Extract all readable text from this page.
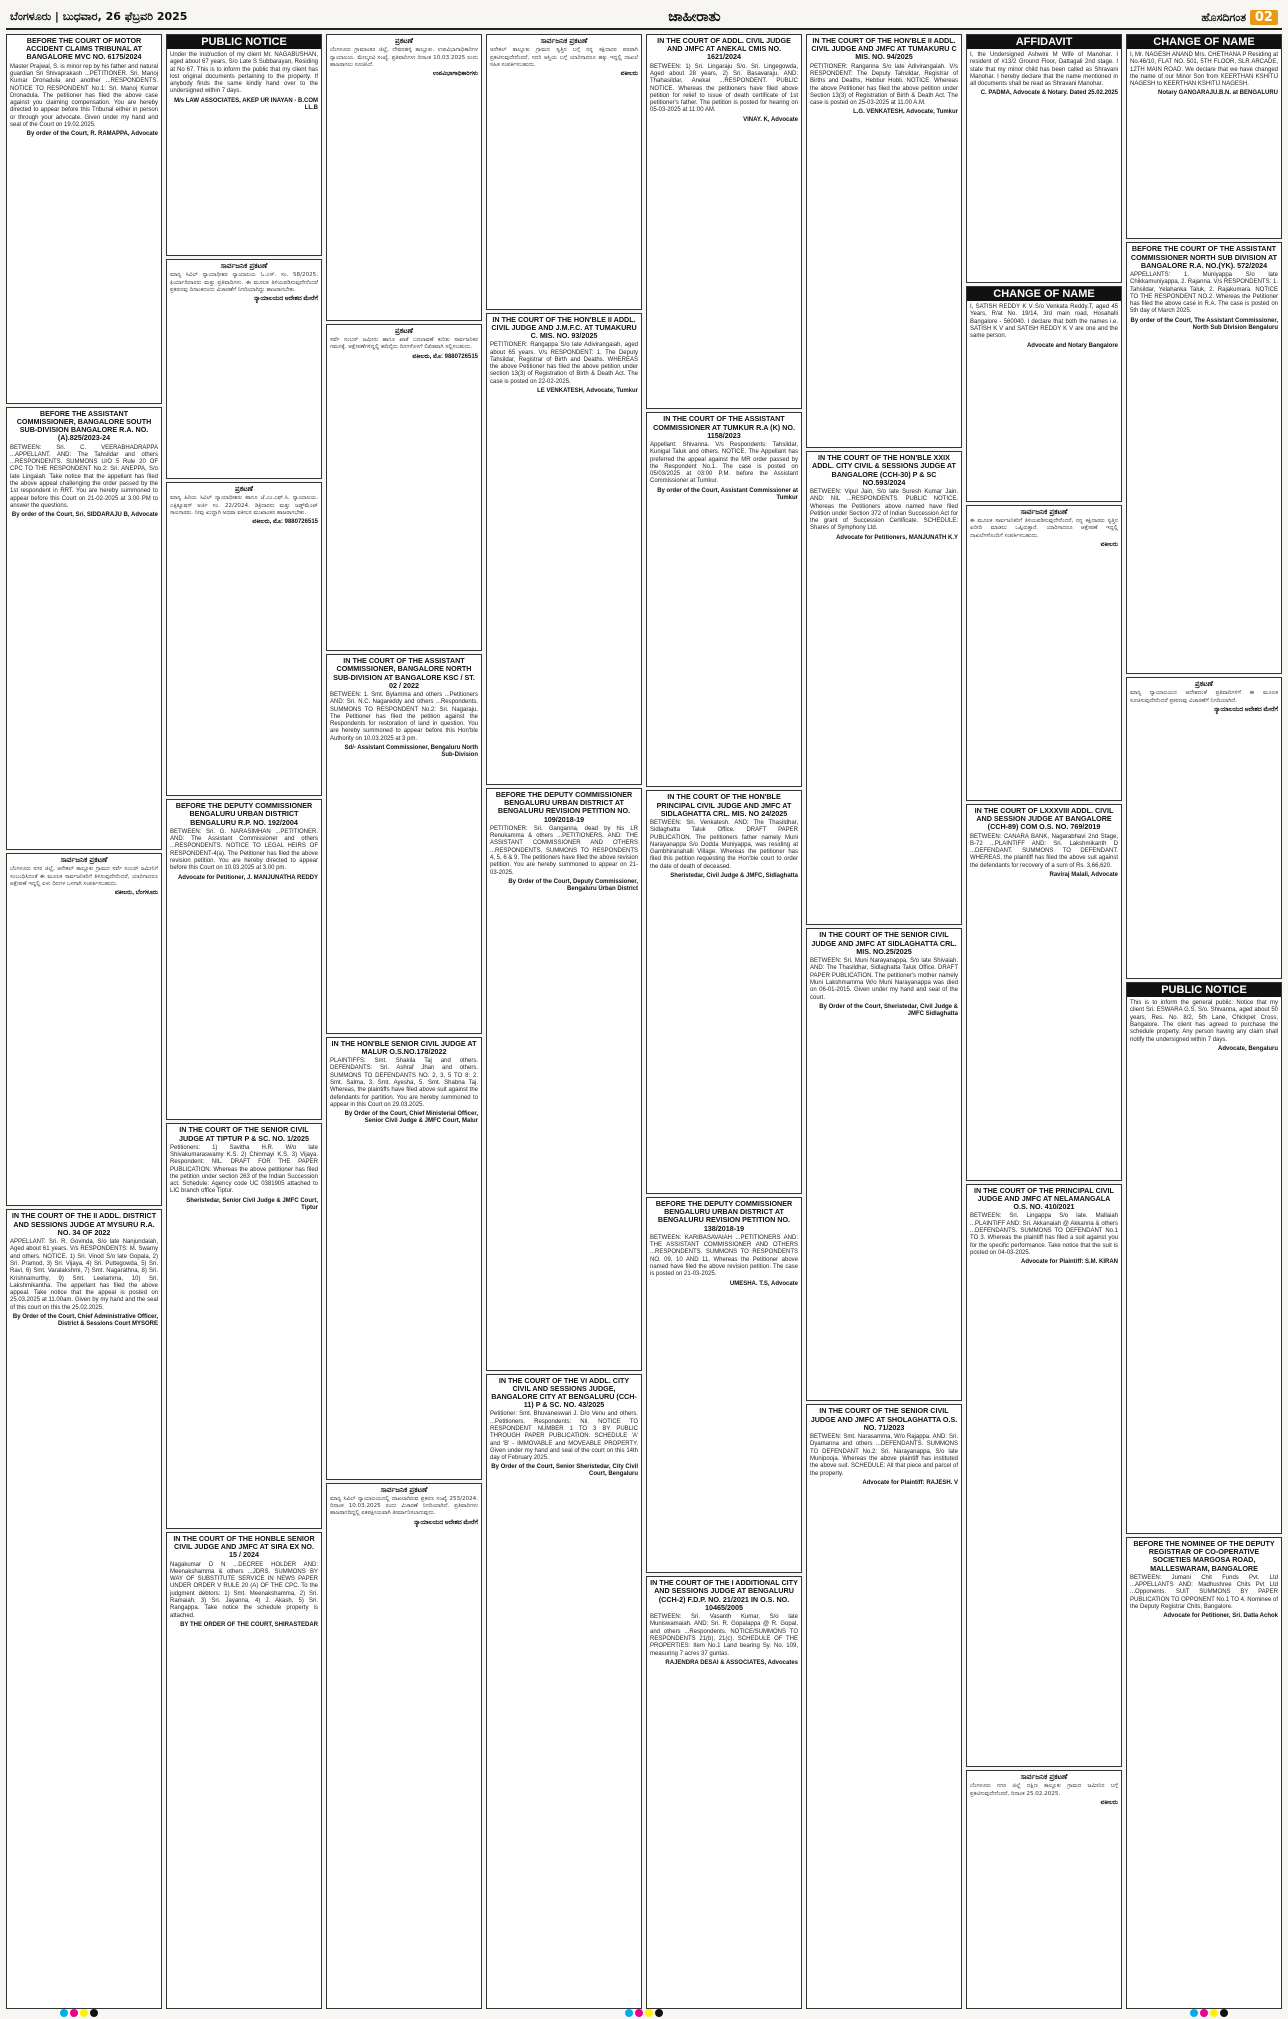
ಬೆಂಗಳೂರು | ಬುಧವಾರ, 26 ಫೆಬ್ರವರಿ 2025	ಜಾಹೀರಾತು	ಹೊಸದಿಗಂತ 02
BEFORE THE COURT OF MOTOR ACCIDENT CLAIMS TRIBUNAL AT BANGALORE MVC NO. 6175/2024
Master Prajwal, S. is minor rep by his father and natural guardian Sri Shivaprakash ...PETITIONER. Sri. Manoj Kumar Dronadula and another ...RESPONDENTS. NOTICE TO RESPONDENT No.1: Sri. Manoj Kumar Dronadula. The petitioner has filed the above case against you claiming compensation. You are hereby directed to appear before this Tribunal either in person or through your advocate. Given under my hand and seal of the Court on 19.02.2025.
By order of the Court, R. RAMAPPA, Advocate
BEFORE THE ASSISTANT COMMISSIONER, BANGALORE SOUTH SUB-DIVISION BANGALORE R.A. NO.(A).825/2023-24
BETWEEN: Sri. C. VEERABHADRAPPA ...APPELLANT. AND: The Tahsildar and others ...RESPONDENTS. SUMMONS U/O 5 Rule 20 OF CPC TO THE RESPONDENT No.2: Sri. ANEPPA, S/o late Lingaiah. Take notice that the appellant has filed the above appeal challenging the order passed by the 1st respondent in RRT. You are hereby summoned to appear before this Court on 21-02-2025 at 3.00 PM to answer the questions.
By order of the Court, Sri. SIDDARAJU B, Advocate
ಸಾರ್ವಜನಿಕ ಪ್ರಕಟಣೆ
ಬೆಂಗಳೂರು ನಗರ ಜಿಲ್ಲೆ, ಆನೇಕಲ್ ತಾಲ್ಲೂಕು ಗ್ರಾಮದ ಸರ್ವೆ ನಂಬರ್ ಜಮೀನಿಗೆ ಸಂಬಂಧಿಸಿದಂತೆ ಈ ಮೂಲಕ ಸಾರ್ವಜನಿಕರಿಗೆ ತಿಳಿಸುವುದೇನೆಂದರೆ, ಯಾರಿಗಾದರೂ ಆಕ್ಷೇಪಣೆ ಇದ್ದಲ್ಲಿ ಏಳು ದಿನಗಳ ಒಳಗಾಗಿ ಸಂಪರ್ಕಿಸಬಹುದು.
ವಕೀಲರು, ಬೆಂಗಳೂರು
IN THE COURT OF THE II ADDL. DISTRICT AND SESSIONS JUDGE AT MYSURU R.A. NO. 34 OF 2022
APPELLANT: Sri. R. Govinda, S/o late Nanjundaiah, Aged about 61 years. V/s RESPONDENTS: M. Swamy and others. NOTICE. 1) Sri. Vinod S/o late Gopala, 2) Sri. Pramod, 3) Sri. Vijaya, 4) Sri. Puttegowda, 5) Sri. Ravi, 6) Smt. Varalakshmi, 7) Smt. Nagarathna, 8) Sri. Krishnamurthy, 9) Smt. Leelamma, 10) Sri. Lakshmikantha. The appellant has filed the above appeal. Take notice that the appeal is posted on 25.03.2025 at 11.00am. Given by my hand and the seal of this court on this the 25.02.2025.
By Order of the Court, Chief Administrative Officer, District & Sessions Court MYSORE
PUBLIC NOTICE
Under the instruction of my client Mr. NAGABUSHAN, aged about 67 years, S/o Late S Subbarayan, Residing at No 67. This is to inform the public that my client has lost original documents pertaining to the property. If anybody finds the same kindly hand over to the undersigned within 7 days.
M/s LAW ASSOCIATES, AKEP UR INAYAN - B.COM LL.B
ಸಾರ್ವಜನಿಕ ಪ್ರಕಟಣೆ
ಮಾನ್ಯ ಸಿವಿಲ್ ನ್ಯಾಯಾಧೀಶರ ನ್ಯಾಯಾಲಯ ಓ.ಎಸ್. ಸಂ. 58/2025. ಫಿರ್ಯಾದಿದಾರರು ಮತ್ತು ಪ್ರತಿವಾದಿಗಳು. ಈ ಮೂಲಕ ತಿಳಿಯಪಡಿಸುವುದೇನೆಂದರೆ ಪ್ರಕರಣವು ದಿನಾಂಕದಂದು ವಿಚಾರಣೆಗೆ ನಿಗದಿಯಾಗಿದ್ದು ಹಾಜರಾಗಬೇಕು.
ನ್ಯಾಯಾಲಯದ ಆದೇಶದ ಮೇರೆಗೆ
ಪ್ರಕಟಣೆ
ಮಾನ್ಯ ಹಿರಿಯ ಸಿವಿಲ್ ನ್ಯಾಯಾಧೀಶರು ಹಾಗೂ ಜೆ.ಎಂ.ಎಫ್.ಸಿ. ನ್ಯಾಯಾಲಯ. ಎಕ್ಸಿಕ್ಯೂಷನ್ ಅರ್ಜಿ ಸಂ. 22/2024. ಡಿಕ್ರಿದಾರರು ಮತ್ತು ಜಡ್ಜ್‌ಮೆಂಟ್ ಸಾಲಗಾರರು. ನೀವು ಖುದ್ದಾಗಿ ಅಥವಾ ವಕೀಲರ ಮುಖಾಂತರ ಹಾಜರಾಗಬೇಕು.
ವಕೀಲರು, ಮೊ: 9880726515
BEFORE THE DEPUTY COMMISSIONER BENGALURU URBAN DISTRICT BENGALURU R.P. NO. 192/2004
BETWEEN: Sri. G. NARASIMHAN ...PETITIONER. AND: The Assistant Commissioner and others ...RESPONDENTS. NOTICE TO LEGAL HEIRS OF RESPONDENT-4(a). The Petitioner has filed the above revision petition. You are hereby directed to appear before this Court on 10.03.2025 at 3.00 pm.
Advocate for Petitioner, J. MANJUNATHA REDDY
IN THE COURT OF THE SENIOR CIVIL JUDGE AT TIPTUR P & SC. NO. 1/2025
Petitioners: 1) Savitha H.R. W/o late Shivakumaraswamy K.S. 2) Chinmayi K.S. 3) Vijaya. Respondent: NIL. DRAFT FOR THE PAPER PUBLICATION. Whereas the above petitioner has filed the petition under section 263 of the Indian Succession act. Schedule: Agency code UC 0381905 attached to LIC branch office Tiptur.
Sheristedar, Senior Civil Judge & JMFC Court, Tiptur
IN THE COURT OF THE HONBLE SENIOR CIVIL JUDGE AND JMFC AT SIRA EX NO. 15 / 2024
Nagakumar D N ...DECREE HOLDER AND: Meenakshamma & others ...JDRS. SUMMONS BY WAY OF SUBSTITUTE SERVICE IN NEWS PAPER UNDER ORDER V RULE 20 (A) OF THE CPC. To the judgment debtors: 1) Smt. Meenakshamma, 2) Sri. Ramaiah, 3) Sri. Jayanna, 4) J. Akash, 5) Sri. Rangappa. Take notice the schedule property is attached.
BY THE ORDER OF THE COURT, SHIRASTEDAR
ಪ್ರಕಟಣೆ
ಬೆಂಗಳೂರು ಗ್ರಾಮಾಂತರ ಜಿಲ್ಲೆ, ದೇವನಹಳ್ಳಿ ತಾಲ್ಲೂಕು. ಉಪವಿಭಾಗಾಧಿಕಾರಿಗಳ ನ್ಯಾಯಾಲಯ. ಮೇಲ್ಮನವಿ ಸಂಖ್ಯೆ. ಪ್ರತಿವಾದಿಗಳು ದಿನಾಂಕ 10.03.2025 ರಂದು ಹಾಜರಾಗಲು ಸೂಚಿಸಿದೆ.
ಉಪವಿಭಾಗಾಧಿಕಾರಿಗಳು
ಪ್ರಕಟಣೆ
ಸರ್ವೆ ನಂಬರ್ ಜಮೀನು ಹಾಗೂ ಖಾತೆ ಬದಲಾವಣೆ ಕುರಿತು ಸಾರ್ವಜನಿಕರ ಗಮನಕ್ಕೆ. ಆಕ್ಷೇಪಣೆಗಳಿದ್ದಲ್ಲಿ ಹದಿನೈದು ದಿನಗಳೊಳಗೆ ಲಿಖಿತವಾಗಿ ಸಲ್ಲಿಸಬಹುದು.
ವಕೀಲರು, ಮೊ: 9880726515
IN THE COURT OF THE ASSISTANT COMMISSIONER, BANGALORE NORTH SUB-DIVISION AT BANGALORE KSC / ST. 02 / 2022
BETWEEN: 1. Smt. Bylamma and others ...Petitioners AND: Sri. N.C. Nagareddy and others ...Respondents. SUMMONS TO RESPONDENT No.2: Sri. Nagaraju. The Petitioner has filed the petition against the Respondents for restoration of land in question. You are hereby summoned to appear before this Hon'ble Authority on 10.03.2025 at 3 pm.
Sd/- Assistant Commissioner, Bengaluru North Sub-Division
IN THE HON'BLE SENIOR CIVIL JUDGE AT MALUR O.S.NO.178/2022
PLAINTIFFS: Smt. Shakila Taj and others. DEFENDANTS: Sri. Ashraf Jhan and others. SUMMONS TO DEFENDANTS NO. 2, 3, 5 TO 8: 2. Smt. Salma, 3. Smt. Ayesha, 5. Smt. Shabna Taj. Whereas, the plaintiffs have filed above suit against the defendants for partition. You are hereby summoned to appear in this Court on 29.03.2025.
By Order of the Court, Chief Ministerial Officer, Senior Civil Judge & JMFC Court, Malur
ಸಾರ್ವಜನಿಕ ಪ್ರಕಟಣೆ
ಮಾನ್ಯ ಸಿವಿಲ್ ನ್ಯಾಯಾಲಯದಲ್ಲಿ ದಾಖಲಾಗಿರುವ ಪ್ರಕರಣ ಸಂಖ್ಯೆ 253/2024. ದಿನಾಂಕ 10.03.2025 ರಂದು ವಿಚಾರಣೆ ನಿಗದಿಯಾಗಿದೆ. ಪ್ರತಿವಾದಿಗಳು ಹಾಜರಾಗದಿದ್ದಲ್ಲಿ ಏಕಪಕ್ಷೀಯವಾಗಿ ತೀರ್ಮಾನಿಸಲಾಗುವುದು.
ನ್ಯಾಯಾಲಯದ ಆದೇಶದ ಮೇರೆಗೆ
ಸಾರ್ವಜನಿಕ ಪ್ರಕಟಣೆ
ಅನೇಕಲ್ ತಾಲ್ಲೂಕು ಗ್ರಾಮದ ಸ್ವತ್ತಿನ ಬಗ್ಗೆ ನನ್ನ ಕಕ್ಷಿದಾರರ ಪರವಾಗಿ ಪ್ರಕಟಿಸುವುದೇನೆಂದರೆ, ಸದರಿ ಆಸ್ತಿಯ ಬಗ್ಗೆ ಯಾರಿಗಾದರೂ ಹಕ್ಕು ಇದ್ದಲ್ಲಿ ದಾಖಲೆ ಸಹಿತ ಸಂಪರ್ಕಿಸಬಹುದು.
ವಕೀಲರು
IN THE COURT OF THE HON'BLE II ADDL. CIVIL JUDGE AND J.M.F.C. AT TUMAKURU C. MIS. NO. 93/2025
PETITIONER: Rangappa S/o late Adivirangaiah, aged about 65 years. V/s RESPONDENT: 1. The Deputy Tahsildar, Registrar of Birth and Deaths. WHEREAS the above Petitioner has filed the above petition under section 13(3) of Registration of Birth & Death Act. The case is posted on 22-02-2025.
LE VENKATESH, Advocate, Tumkur
BEFORE THE DEPUTY COMMISSIONER BENGALURU URBAN DISTRICT AT BENGALURU REVISION PETITION NO. 109/2018-19
PETITIONER: Sri. Ganganna, dead by his LR Renukamma & others ...PETITIONERS. AND: THE ASSISTANT COMMISSIONER AND OTHERS ...RESPONDENTS. SUMMONS TO RESPONDENTS 4, 5, 6 & 9. The petitioners have filed the above revision petition. You are hereby summoned to appear on 21-03-2025.
By Order of the Court, Deputy Commissioner, Bengaluru Urban District
IN THE COURT OF THE VI ADDL. CITY CIVIL AND SESSIONS JUDGE, BANGALORE CITY AT BENGALURU (CCH-11) P & SC. NO. 43/2025
Petitioner: Smt. Bhuvaneswari J. D/o Venu and others. ...Petitioners. Respondents: Nil. NOTICE TO RESPONDENT NUMBER 1 TO 3 BY PUBLIC THROUGH PAPER PUBLICATION. SCHEDULE 'A' and 'B' - IMMOVABLE and MOVEABLE PROPERTY. Given under my hand and seal of the court on this 14th day of February 2025.
By Order of the Court, Senior Sheristedar, City Civil Court, Bengaluru
IN THE COURT OF ADDL. CIVIL JUDGE AND JMFC AT ANEKAL CMIS NO. 1621/2024
BETWEEN: 1) Sri. Lingaraju S/o. Sri. Lingegowda, Aged about 28 years, 2) Sri. Basavaraju. AND: Thahasildar, Anekal ...RESPONDENT. PUBLIC NOTICE. Whereas the petitioners have filed above petition for relief to issue of death certificate of 1st petitioner's father. The petition is posted for hearing on 05-03-2025 at 11:00 AM.
VINAY. K, Advocate
IN THE COURT OF THE ASSISTANT COMMISSIONER AT TUMKUR R.A (K) NO. 1158/2023
Appellant: Shivanna. V/s Respondents: Tahsildar, Kunigal Taluk and others. NOTICE. The Appellant has preferred the appeal against the MR order passed by the Respondent No.1. The case is posted on 05/03/2025 at 03:00 P.M. before the Assistant Commissioner at Tumkur.
By order of the Court, Assistant Commissioner at Tumkur
IN THE COURT OF THE HON'BLE PRINCIPAL CIVIL JUDGE AND JMFC AT SIDLAGHATTA CRL. MIS. NO 24/2025
BETWEEN: Sri. Venkatesh. AND: The Thasildhar, Sidlaghatta Taluk Office. DRAFT PAPER PUBLICATION. The petitioners father namely Muni Narayanappa S/o Dodda Muniyappa, was residing at Gambhiranahalli Village. Whereas the petitioner has filed this petition requesting the Hon'ble court to order the date of death of deceased.
Sheristedar, Civil Judge & JMFC, Sidlaghatta
BEFORE THE DEPUTY COMMISSIONER BENGALURU URBAN DISTRICT AT BENGALURU REVISION PETITION NO. 138/2018-19
BETWEEN: KARIBASAVAIAH ...PETITIONERS AND: THE ASSISTANT COMMISSIONER AND OTHERS ...RESPONDENTS. SUMMONS TO RESPONDENTS NO. 09, 10 AND 11. Whereas the Petitioner above named have filed the above revision petition. The case is posted on 21-03-2025.
UMESHA. T.S, Advocate
IN THE COURT OF THE I ADDITIONAL CITY AND SESSIONS JUDGE AT BENGALURU (CCH-2) F.D.P. NO. 21/2021 IN O.S. NO. 10465/2005
BETWEEN: Sri. Vasanth Kumar, S/o late Muniswamaiah. AND: Sri. R. Gopalappa @ R. Gopal, and others ...Respondents. NOTICE/SUMMONS TO RESPONDENTS 21(b), 21(c). SCHEDULE OF THE PROPERTIES: Item No.1 Land bearing Sy. No. 109, measuring 7 acres 37 guntas.
RAJENDRA DESAI & ASSOCIATES, Advocates
IN THE COURT OF THE HON'BLE II ADDL. CIVIL JUDGE AND JMFC AT TUMAKURU C MIS. NO. 94/2025
PETITIONER: Ranganna S/o late Adivirangaiah. V/s RESPONDENT: The Deputy Tahsildar, Registrar of Births and Deaths, Hebbur Hobli. NOTICE. Whereas the above Petitioner has filed the above petition under Section 13(3) of Registration of Birth & Death Act. The case is posted on 25-03-2025 at 11.00 A.M.
L.G. VENKATESH, Advocate, Tumkur
IN THE COURT OF THE HON'BLE XXIX ADDL. CITY CIVIL & SESSIONS JUDGE AT BANGALORE (CCH-30) P & SC NO.593/2024
BETWEEN: Vipul Jain, S/o late Suresh Kumar Jain. AND: NIL ...RESPONDENTS. PUBLIC NOTICE. Whereas the Petitioners above named have filed Petition under Section 372 of Indian Succession Act for the grant of Succession Certificate. SCHEDULE: Shares of Symphony Ltd.
Advocate for Petitioners, MANJUNATH K.Y
IN THE COURT OF THE SENIOR CIVIL JUDGE AND JMFC AT SIDLAGHATTA CRL. MIS. NO.25/2025
BETWEEN: Sri. Muni Narayanappa, S/o late Shivaiah. AND: The Thasildhar, Sidlaghatta Taluk Office. DRAFT PAPER PUBLICATION. The petitioner's mother namely Muni Lakshmamma W/o Muni Narayanappa was died on 06-01-2015. Given under my hand and seal of the court.
By Order of the Court, Sheristedar, Civil Judge & JMFC Sidlaghatta
IN THE COURT OF THE SENIOR CIVIL JUDGE AND JMFC AT SHOLAGHATTA O.S. NO. 71/2023
BETWEEN: Smt. Narasamma, W/o Rajappa. AND: Sri. Dyamanna and others ...DEFENDANTS. SUMMONS TO DEFENDANT No.2: Sri. Narayanappa, S/o late Munipooja. Whereas the above plaintiff has instituted the above suit. SCHEDULE: All that piece and parcel of the property.
Advocate for Plaintiff: RAJESH. V
AFFIDAVIT
I, the Undersigned Ashwini M Wife of Manohar. I resident of #13/2 Ground Floor, Dattagali 2nd stage. I state that my minor child has been called as Shravani Manohar. I hereby declare that the name mentioned in all documents shall be read as Shravani Manohar.
C. PADMA, Advocate & Notary. Dated 25.02.2025
CHANGE OF NAME
I, SATISH REDDY K V S/o Venkata Reddy.T, aged 45 Years, R/at No. 19/14, 3rd main road, Hosahalli Bangalore - 560040. I declare that both the names i.e. SATISH K V and SATISH REDDY K V are one and the same person.
Advocate and Notary Bangalore
ಸಾರ್ವಜನಿಕ ಪ್ರಕಟಣೆ
ಈ ಮೂಲಕ ಸಾರ್ವಜನಿಕರಿಗೆ ತಿಳಿಯಪಡಿಸುವುದೇನೆಂದರೆ, ನನ್ನ ಕಕ್ಷಿದಾರರು ಸ್ವತ್ತಿನ ಖರೀದಿ ಮಾಡಲು ಒಪ್ಪಿರುತ್ತಾರೆ. ಯಾರಿಗಾದರೂ ಆಕ್ಷೇಪಣೆ ಇದ್ದಲ್ಲಿ ದಾಖಲೆಗಳೊಂದಿಗೆ ಸಂಪರ್ಕಿಸಬಹುದು.
ವಕೀಲರು
IN THE COURT OF LXXXVIII ADDL. CIVIL AND SESSION JUDGE AT BANGALORE (CCH-89) COM O.S. NO. 769/2019
BETWEEN: CANARA BANK, Nagarabhavi 2nd Stage, B-72 ...PLAINTIFF AND: Sri. Lakshmikanth D ...DEFENDANT. SUMMONS TO DEFENDANT. WHEREAS, the plaintiff has filed the above suit against the defendants for recovery of a sum of Rs. 3,66,620.
Raviraj Malali, Advocate
IN THE COURT OF THE PRINCIPAL CIVIL JUDGE AND JMFC AT NELAMANGALA O.S. NO. 410/2021
BETWEEN: Sri. Lingappa S/o late. Mallaiah ...PLAINTIFF AND: Sri. Akkanaiah @ Akkanna & others ...DEFENDANTS. SUMMONS TO DEFENDANT No.1 TO 3. Whereas the plaintiff has filed a suit against you for the specific performance. Take notice that the suit is posted on 04-03-2025.
Advocate for Plaintiff: S.M. KIRAN
ಸಾರ್ವಜನಿಕ ಪ್ರಕಟಣೆ
ಬೆಂಗಳೂರು ನಗರ ಜಿಲ್ಲೆ ದಕ್ಷಿಣ ತಾಲ್ಲೂಕು ಗ್ರಾಮದ ಜಮೀನಿನ ಬಗ್ಗೆ ಪ್ರಕಟಿಸುವುದೇನೆಂದರೆ, ದಿನಾಂಕ 25.02.2025.
ವಕೀಲರು
CHANGE OF NAME
I, Mr. NAGESH ANAND Mrs. CHETHANA P Residing at No.46/10, FLAT NO. 501, 5TH FLOOR, SLR ARCADE, 12TH MAIN ROAD. We declare that we have changed the name of our Minor Son from KEERTHAN KSHITIJ NAGESH to KEERTHAN KSHITIJ NAGESH.
Notary GANGARAJU.B.N. at BENGALURU
BEFORE THE COURT OF THE ASSISTANT COMMISSIONER NORTH SUB DIVISION AT BANGALORE R.A. NO.(YK). 572/2024
APPELLANTS: 1. Muniyappa S/o late Chikkamuniyappa, 2. Rajanna. V/s RESPONDENTS: 1. Tahsildar, Yelahanka Taluk, 2. Rajakumara. NOTICE TO THE RESPONDENT NO.2. Whereas the Petitioner has filed the above case in R.A. The case is posted on 5th day of March 2025.
By order of the Court, The Assistant Commissioner, North Sub Division Bengaluru
ಪ್ರಕಟಣೆ
ಮಾನ್ಯ ನ್ಯಾಯಾಲಯದ ಆದೇಶದಂತೆ ಪ್ರತಿವಾದಿಗಳಿಗೆ ಈ ಮೂಲಕ ಸೂಚಿಸುವುದೇನೆಂದರೆ ಪ್ರಕರಣವು ವಿಚಾರಣೆಗೆ ನಿಗದಿಯಾಗಿದೆ.
ನ್ಯಾಯಾಲಯದ ಆದೇಶದ ಮೇರೆಗೆ
PUBLIC NOTICE
This is to inform the general public: Notice that my client Sri. ESWARA G.S. S/o. Shivanna, aged about 50 years, Res. No. 8/2, 5th Lane, Chickpet Cross, Bangalore. The client has agreed to purchase the schedule property. Any person having any claim shall notify the undersigned within 7 days.
Advocate, Bengaluru
BEFORE THE NOMINEE OF THE DEPUTY REGISTRAR OF CO-OPERATIVE SOCIETIES MARGOSA ROAD, MALLESWARAM, BANGALORE
BETWEEN: Jumani Chit Funds Pvt. Ltd ...APPELLANTS AND: Madhushree Chits Pvt Ltd ...Opponents. SUIT SUMMONS BY PAPER PUBLICATION TO OPPONENT No.1 TO 4. Nominee of the Deputy Registrar Chits, Bangalore.
Advocate for Petitioner, Sri. Datla Achok
